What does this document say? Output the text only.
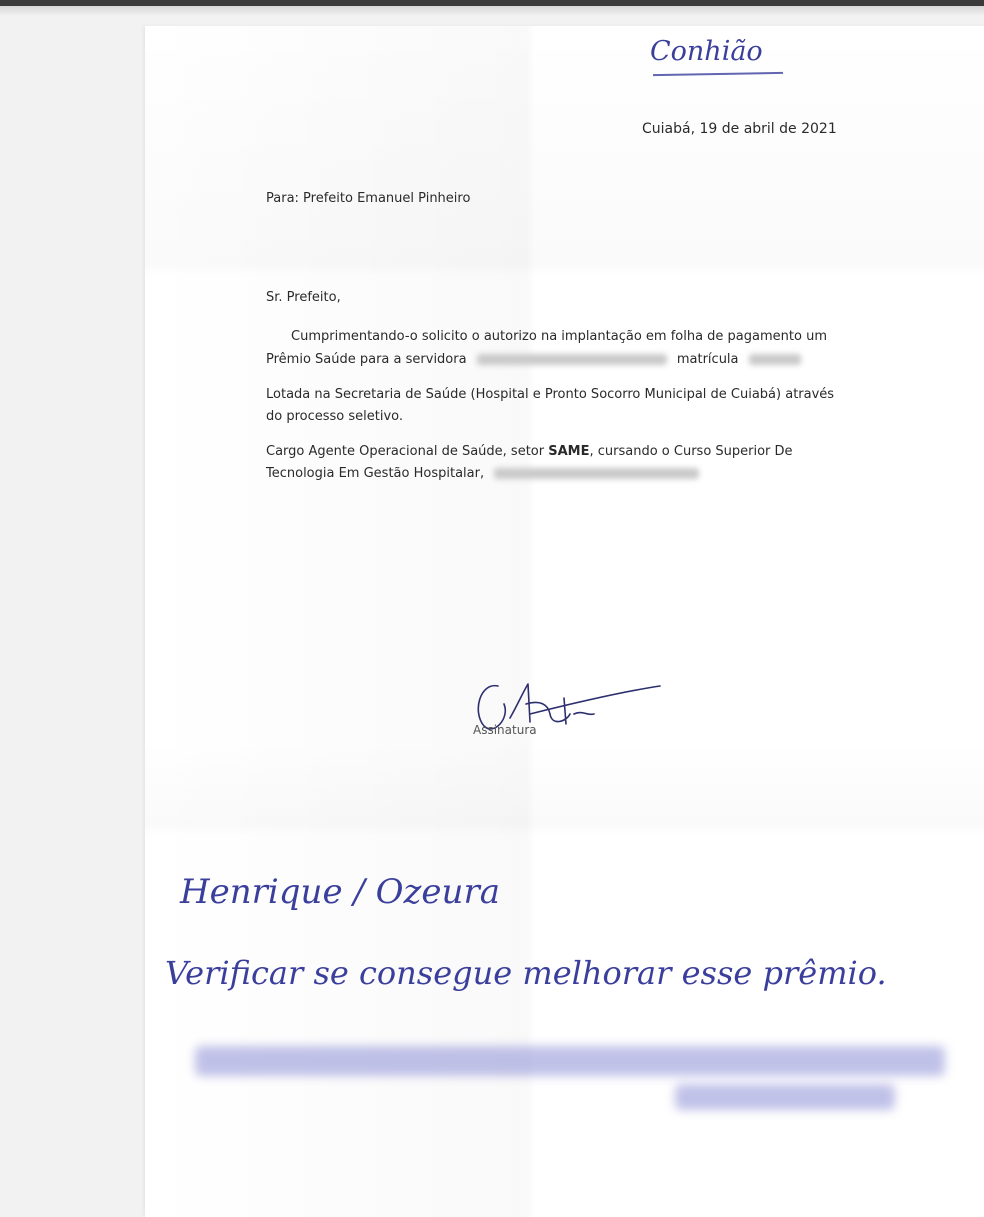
Conhião
Cuiabá, 19 de abril de 2021
Para: Prefeito Emanuel Pinheiro
Sr. Prefeito,
Cumprimentando-o solicito o autorizo na implantação em folha de pagamento um
Prêmio Saúde para a servidora	matrícula
Lotada na Secretaria de Saúde (Hospital e Pronto Socorro Municipal de Cuiabá) através
do processo seletivo.
Cargo Agente Operacional de Saúde, setor SAME, cursando o Curso Superior De
Tecnologia Em Gestão Hospitalar,
Assinatura
Henrique / Ozeura
Verificar se consegue melhorar esse prêmio.
